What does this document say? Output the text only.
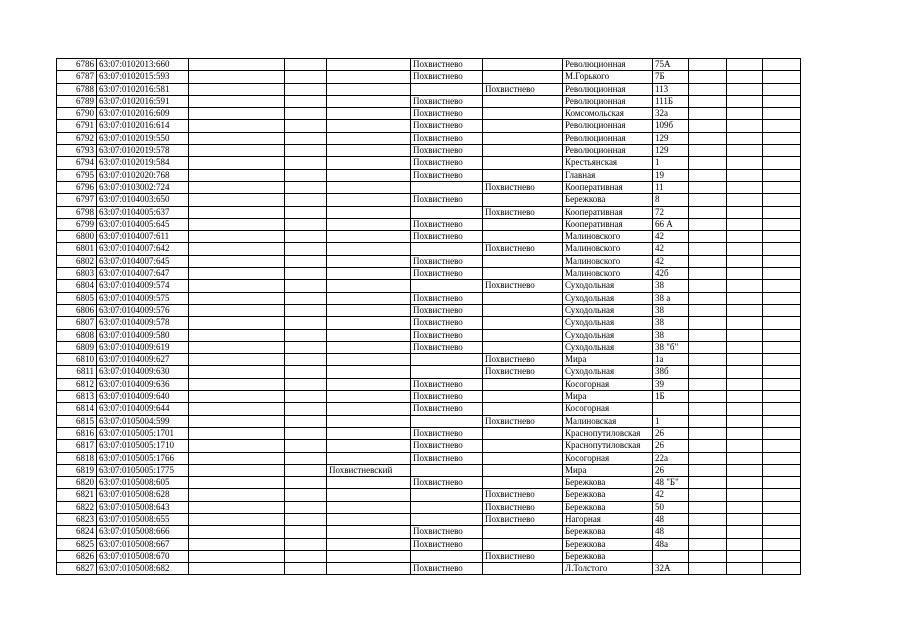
6786	63:07:0102013:660				Похвистнево		Революционная	75А			
6787	63:07:0102015:593				Похвистнево		М.Горького	7Б			
6788	63:07:0102016:581					Похвистнево	Революционная	113			
6789	63:07:0102016:591				Похвистнево		Революционная	111Б			
6790	63:07:0102016:609				Похвистнево		Комсомольская	32а			
6791	63:07:0102016:614				Похвистнево		Революционная	109б			
6792	63:07:0102019:550				Похвистнево		Революционная	129			
6793	63:07:0102019:578				Похвистнево		Революционная	129			
6794	63:07:0102019:584				Похвистнево		Крестьянская	1			
6795	63:07:0102020:768				Похвистнево		Главная	19			
6796	63:07:0103002:724					Похвистнево	Кооперативная	11			
6797	63:07:0104003:650				Похвистнево		Бережкова	8			
6798	63:07:0104005:637					Похвистнево	Кооперативная	72			
6799	63:07:0104005:645				Похвистнево		Кооперативная	66 А			
6800	63:07:0104007:611				Похвистнево		Малиновского	42			
6801	63:07:0104007:642					Похвистнево	Малиновского	42			
6802	63:07:0104007:645				Похвистнево		Малиновского	42			
6803	63:07:0104007:647				Похвистнево		Малиновского	42б			
6804	63:07:0104009:574					Похвистнево	Суходольная	38			
6805	63:07:0104009:575				Похвистнево		Суходольная	38 а			
6806	63:07:0104009:576				Похвистнево		Суходольная	38			
6807	63:07:0104009:578				Похвистнево		Суходольная	38			
6808	63:07:0104009:580				Похвистнево		Суходольная	38			
6809	63:07:0104009:619				Похвистнево		Суходольная	38 "б"			
6810	63:07:0104009:627					Похвистнево	Мира	1а			
6811	63:07:0104009:630					Похвистнево	Суходольная	38б			
6812	63:07:0104009:636				Похвистнево		Косогорная	39			
6813	63:07:0104009:640				Похвистнево		Мира	1Б			
6814	63:07:0104009:644				Похвистнево		Косогорная				
6815	63:07:0105004:599					Похвистнево	Малиновская	1			
6816	63:07:0105005:1701				Похвистнево		Краснопутиловская	26			
6817	63:07:0105005:1710				Похвистнево		Краснопутиловская	26			
6818	63:07:0105005:1766				Похвистнево		Косогорная	22а			
6819	63:07:0105005:1775			Похвистневский			Мира	26			
6820	63:07:0105008:605				Похвистнево		Бережкова	48 "Б"			
6821	63:07:0105008:628					Похвистнево	Бережкова	42			
6822	63:07:0105008:643					Похвистнево	Бережкова	50			
6823	63:07:0105008:655					Похвистнево	Нагорная	48			
6824	63:07:0105008:666				Похвистнево		Бережкова	48			
6825	63:07:0105008:667				Похвистнево		Бережкова	48а			
6826	63:07:0105008:670					Похвистнево	Бережкова				
6827	63:07:0105008:682				Похвистнево		Л.Толстого	32А			
